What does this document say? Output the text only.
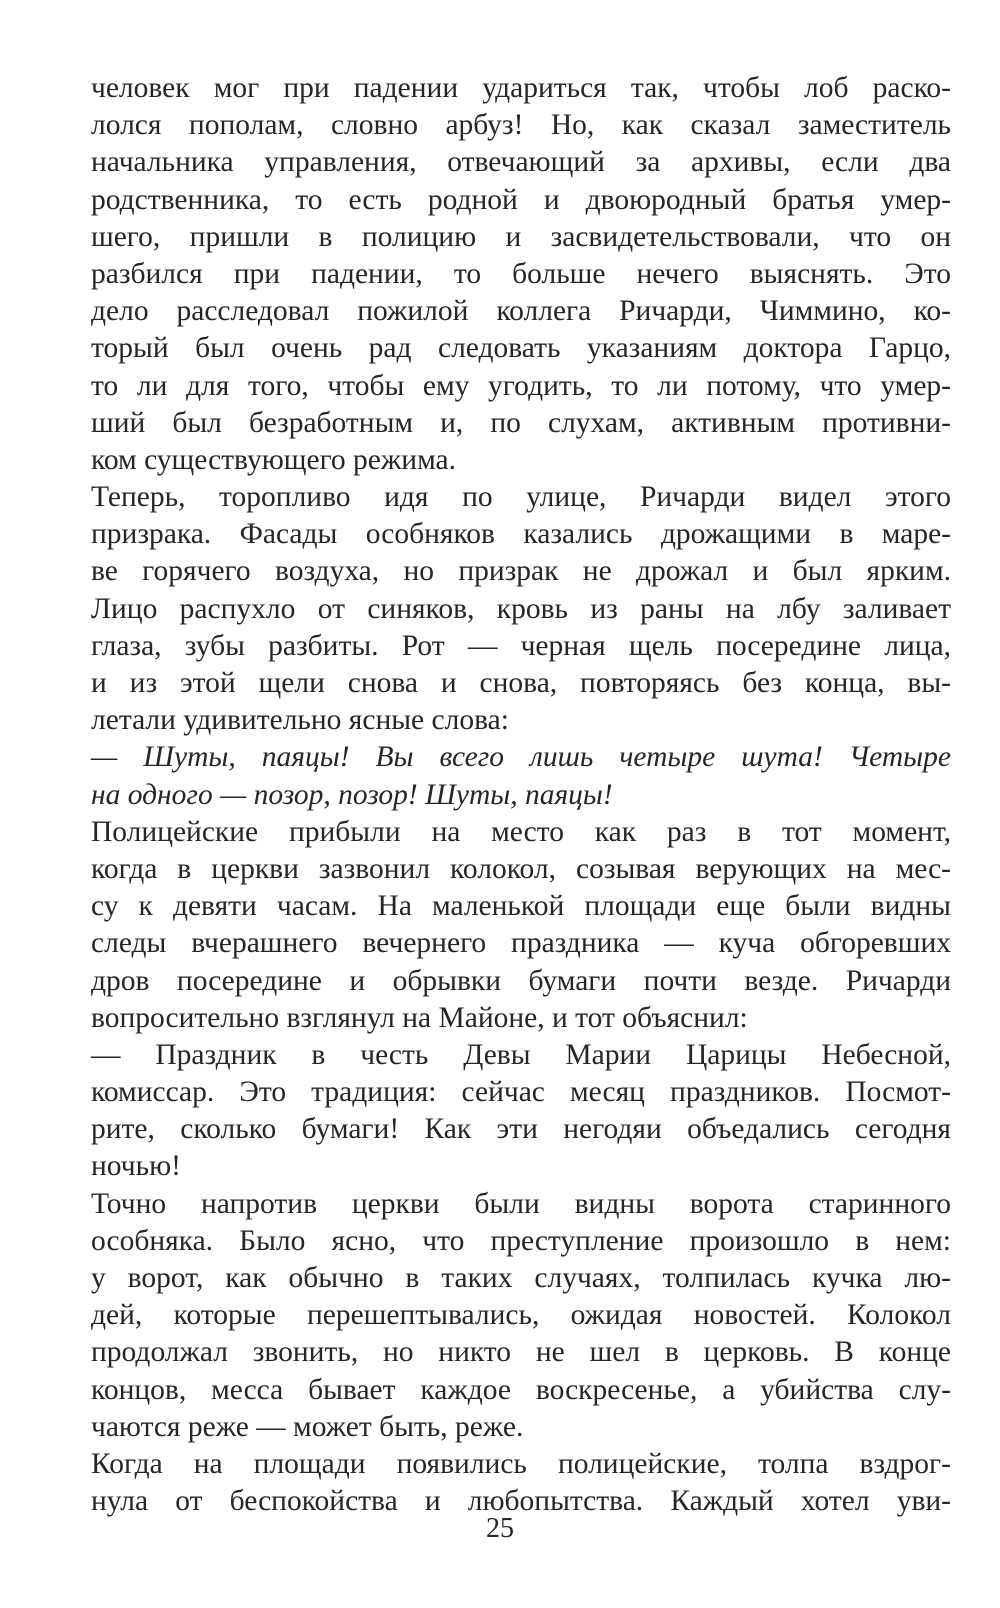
человек мог при падении удариться так, чтобы лоб раско-
лолся пополам, словно арбуз! Но, как сказал заместитель
начальника управления, отвечающий за архивы, если два
родственника, то есть родной и двоюродный братья умер-
шего, пришли в полицию и засвидетельствовали, что он
разбился при падении, то больше нечего выяснять. Это
дело расследовал пожилой коллега Ричарди, Чиммино, ко-
торый был очень рад следовать указаниям доктора Гарцо,
то ли для того, чтобы ему угодить, то ли потому, что умер-
ший был безработным и, по слухам, активным противни-
ком существующего режима.
Теперь, торопливо идя по улице, Ричарди видел этого
призрака. Фасады особняков казались дрожащими в маре-
ве горячего воздуха, но призрак не дрожал и был ярким.
Лицо распухло от синяков, кровь из раны на лбу заливает
глаза, зубы разбиты. Рот — черная щель посередине лица,
и из этой щели снова и снова, повторяясь без конца, вы-
летали удивительно ясные слова:
— Шуты, паяцы! Вы всего лишь четыре шута! Четыре
на одного — позор, позор! Шуты, паяцы!
Полицейские прибыли на место как раз в тот момент,
когда в церкви зазвонил колокол, созывая верующих на мес-
су к девяти часам. На маленькой площади еще были видны
следы вчерашнего вечернего праздника — куча обгоревших
дров посередине и обрывки бумаги почти везде. Ричарди
вопросительно взглянул на Майоне, и тот объяснил:
— Праздник в честь Девы Марии Царицы Небесной,
комиссар. Это традиция: сейчас месяц праздников. Посмот-
рите, сколько бумаги! Как эти негодяи объедались сегодня
ночью!
Точно напротив церкви были видны ворота старинного
особняка. Было ясно, что преступление произошло в нем:
у ворот, как обычно в таких случаях, толпилась кучка лю-
дей, которые перешептывались, ожидая новостей. Колокол
продолжал звонить, но никто не шел в церковь. В конце
концов, месса бывает каждое воскресенье, а убийства слу-
чаются реже — может быть, реже.
Когда на площади появились полицейские, толпа вздрог-
нула от беспокойства и любопытства. Каждый хотел уви-
25
